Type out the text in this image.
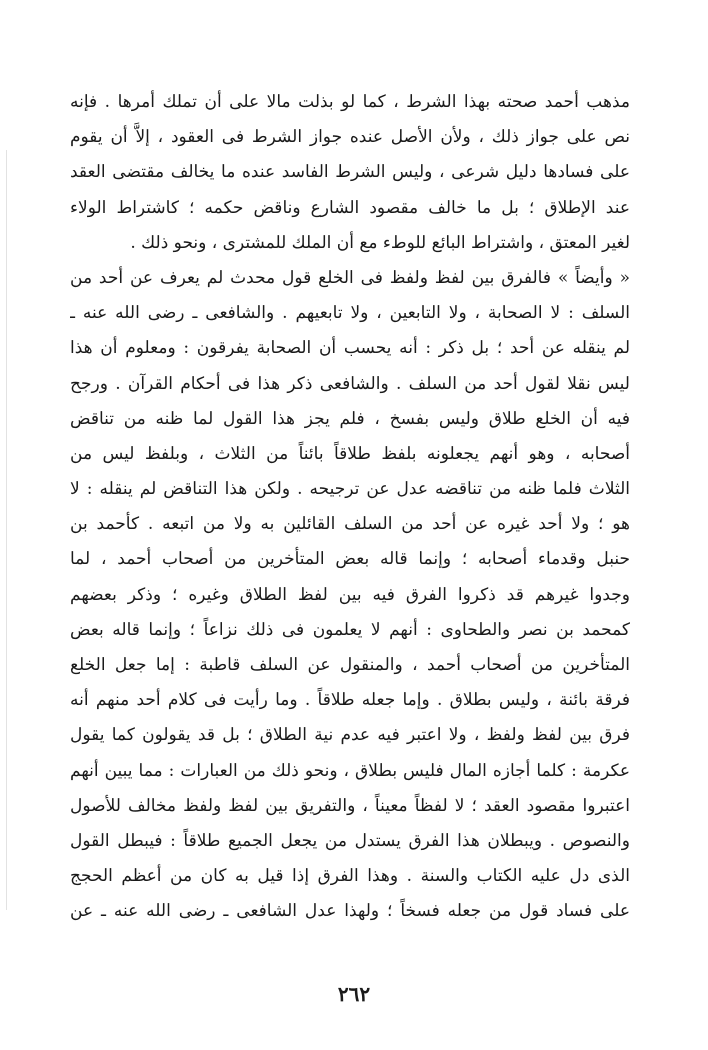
مذهب أحمد صحته بهذا الشرط ، كما لو بذلت مالا على أن تملك أمرها . فإنه
نص على جواز ذلك ، ولأن الأصل عنده جواز الشرط فى العقود ، إلاَّ أن يقوم
على فسادها دليل شرعى ، وليس الشرط الفاسد عنده ما يخالف مقتضى العقد
عند الإطلاق ؛ بل ما خالف مقصود الشارع وناقض حكمه ؛ كاشتراط الولاء
لغير المعتق ، واشتراط البائع للوطء مع أن الملك للمشترى ، ونحو ذلك .
« وأيضاً » فالفرق بين لفظ ولفظ فى الخلع قول محدث لم يعرف عن أحد من
السلف : لا الصحابة ، ولا التابعين ، ولا تابعيهم . والشافعى ـ رضى الله عنه ـ
لم ينقله عن أحد ؛ بل ذكر : أنه يحسب أن الصحابة يفرقون : ومعلوم أن هذا
ليس نقلا لقول أحد من السلف . والشافعى ذكر هذا فى أحكام القرآن . ورجح
فيه أن الخلع طلاق وليس بفسخ ، فلم يجز هذا القول لما ظنه من تناقض
أصحابه ، وهو أنهم يجعلونه بلفظ طلاقاً بائناً من الثلاث ، وبلفظ ليس من
الثلاث فلما ظنه من تناقضه عدل عن ترجيحه . ولكن هذا التناقض لم ينقله : لا
هو ؛ ولا أحد غيره عن أحد من السلف القائلين به ولا من اتبعه . كأحمد بن
حنبل وقدماء أصحابه ؛ وإنما قاله بعض المتأخرين من أصحاب أحمد ، لما
وجدوا غيرهم قد ذكروا الفرق فيه بين لفظ الطلاق وغيره ؛ وذكر بعضهم
كمحمد بن نصر والطحاوى : أنهم لا يعلمون فى ذلك نزاعاً ؛ وإنما قاله بعض
المتأخرين من أصحاب أحمد ، والمنقول عن السلف قاطبة : إما جعل الخلع
فرقة بائنة ، وليس بطلاق . وإما جعله طلاقاً . وما رأيت فى كلام أحد منهم أنه
فرق بين لفظ ولفظ ، ولا اعتبر فيه عدم نية الطلاق ؛ بل قد يقولون كما يقول
عكرمة : كلما أجازه المال فليس بطلاق ، ونحو ذلك من العبارات : مما يبين أنهم
اعتبروا مقصود العقد ؛ لا لفظاً معيناً ، والتفريق بين لفظ ولفظ مخالف للأصول
والنصوص . ويبطلان هذا الفرق يستدل من يجعل الجميع طلاقاً : فيبطل القول
الذى دل عليه الكتاب والسنة . وهذا الفرق إذا قيل به كان من أعظم الحجج
على فساد قول من جعله فسخاً ؛ ولهذا عدل الشافعى ـ رضى الله عنه ـ عن
٢٦٢
